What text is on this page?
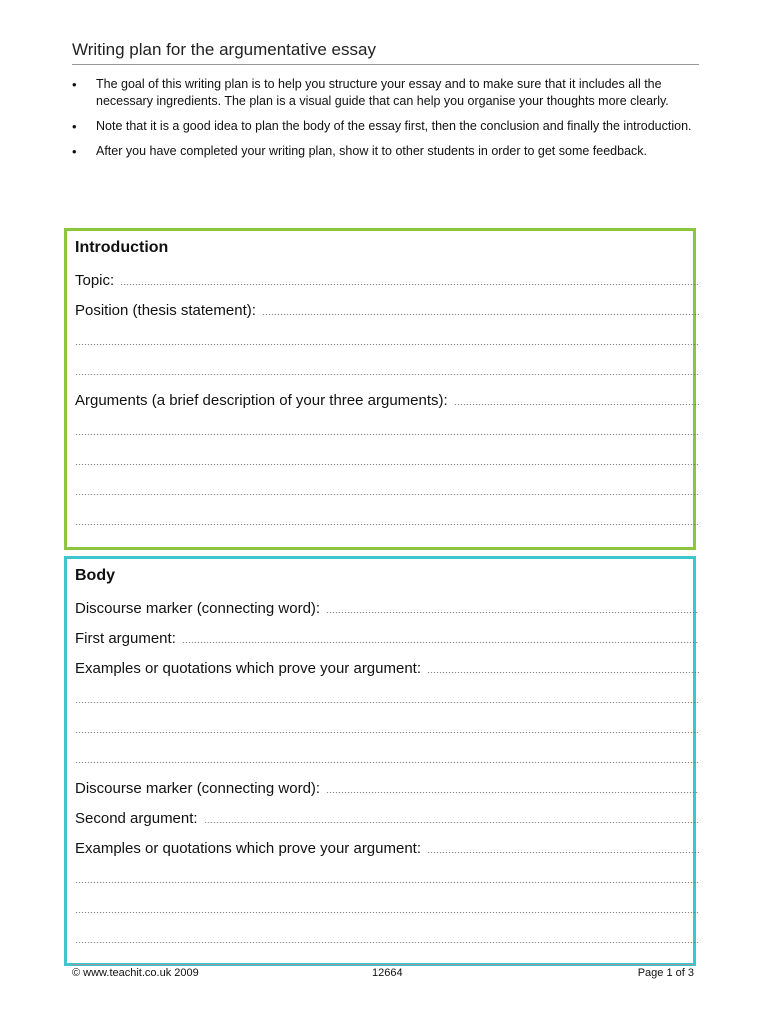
Writing plan for the argumentative essay
• The goal of this writing plan is to help you structure your essay and to make sure that it includes all the necessary ingredients. The plan is a visual guide that can help you organise your thoughts more clearly.
• Note that it is a good idea to plan the body of the essay first, then the conclusion and finally the introduction.
• After you have completed your writing plan, show it to other students in order to get some feedback.
Introduction
Topic:
Position (thesis statement):
Arguments (a brief description of your three arguments):
Body
Discourse marker (connecting word):
First argument:
Examples or quotations which prove your argument:
Discourse marker (connecting word):
Second argument:
Examples or quotations which prove your argument:
© www.teachit.co.uk 2009	12664	Page 1 of 3
